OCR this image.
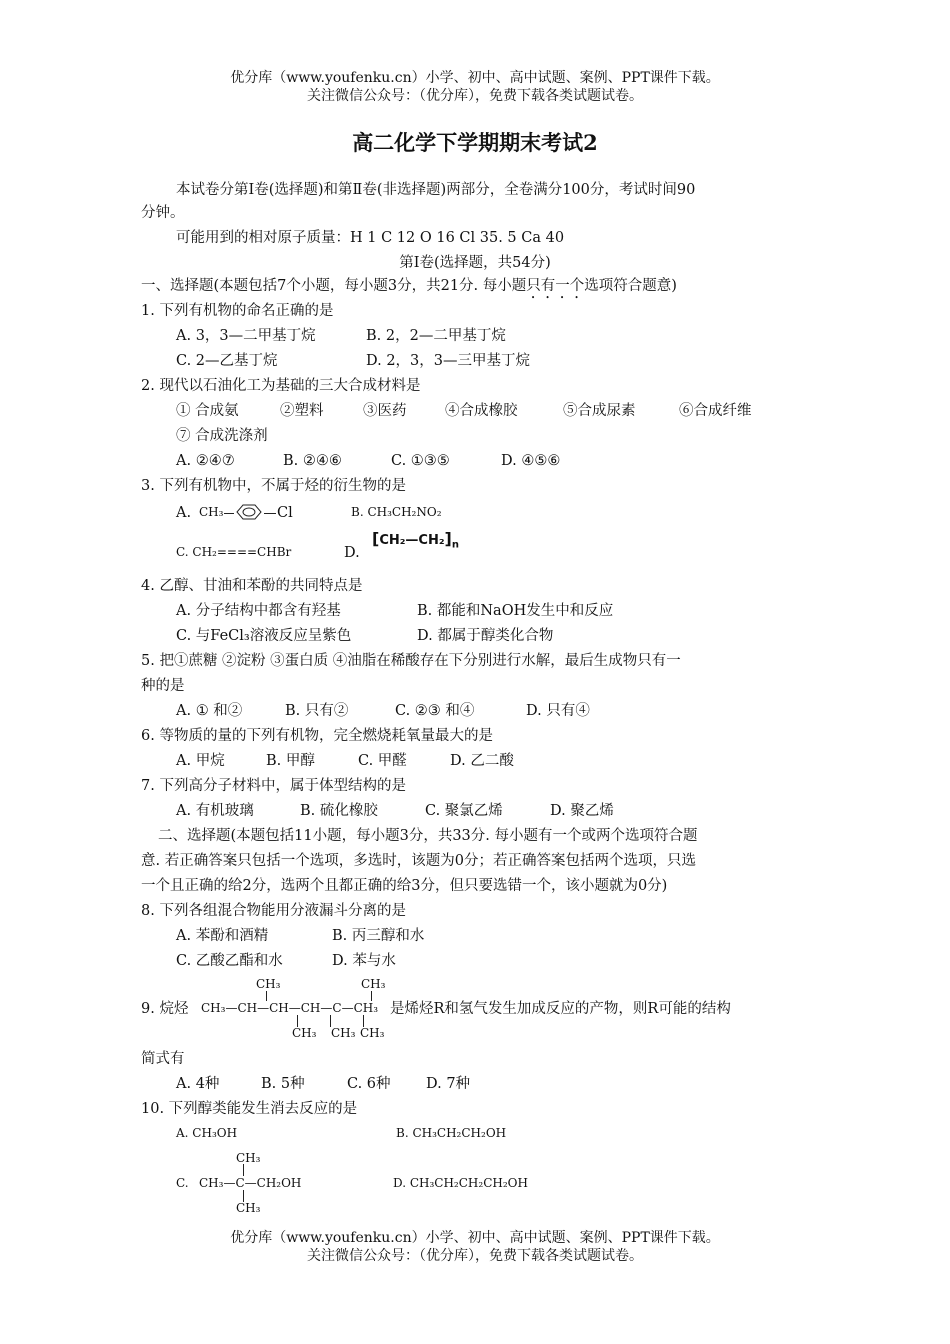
优分库（www.youfenku.cn）小学、初中、高中试题、案例、PPT课件下载。
关注微信公众号：（优分库），免费下载各类试题试卷。
高二化学下学期期末考试2
本试卷分第Ⅰ卷(选择题)和第Ⅱ卷(非选择题)两部分，全卷满分100分，考试时间90
分钟。
可能用到的相对原子质量：H 1 C 12 O 16 Cl 35. 5 Ca 40
第Ⅰ卷(选择题，共54分)
一、选择题(本题包括7个小题，每小题3分，共21分. 每小题只有一个选项符合题意)
1. 下列有机物的命名正确的是
A. 3，3—二甲基丁烷	B. 2，2—二甲基丁烷
C. 2—乙基丁烷	D. 2，3，3—三甲基丁烷
2. 现代以石油化工为基础的三大合成材料是
① 合成氨	②塑料	③医药	④合成橡胶	⑤合成尿素	⑥合成纤维
⑦ 合成洗涤剂
A. ②④⑦	B. ②④⑥	C. ①③⑤	D. ④⑤⑥
3. 下列有机物中，不属于烃的衍生物的是
A. CH₃	Cl	B. CH₃CH₂NO₂
C. CH₂====CHBr	D.
$[CH_2—CH_2]_n$
4. 乙醇、甘油和苯酚的共同特点是
A. 分子结构中都含有羟基	B. 都能和NaOH发生中和反应
C. 与FeCl₃溶液反应呈紫色	D. 都属于醇类化合物
5. 把①蔗糖 ②淀粉 ③蛋白质 ④油脂在稀酸存在下分别进行水解，最后生成物只有一
种的是
A. ① 和②	B. 只有②	C. ②③ 和④	D. 只有④
6. 等物质的量的下列有机物，完全燃烧耗氧量最大的是
A. 甲烷	B. 甲醇	C. 甲醛	D. 乙二酸
7. 下列高分子材料中，属于体型结构的是
A. 有机玻璃	B. 硫化橡胶	C. 聚氯乙烯	D. 聚乙烯
二、选择题(本题包括11小题，每小题3分，共33分. 每小题有一个或两个选项符合题
意. 若正确答案只包括一个选项，多选时，该题为0分；若正确答案包括两个选项，只选
一个且正确的给2分，选两个且都正确的给3分，但只要选错一个，该小题就为0分)
8. 下列各组混合物能用分液漏斗分离的是
A. 苯酚和酒精	B. 丙三醇和水
C. 乙酸乙酯和水	D. 苯与水
CH₃	CH₃
9. 烷烃 CH₃—CH—CH—CH—C—CH₃ 是烯烃R和氢气发生加成反应的产物，则R可能的结构
CH₃ CH₃ CH₃
简式有
A. 4种	B. 5种	C. 6种 D. 7种
10. 下列醇类能发生消去反应的是
A. CH₃OH	B. CH₃CH₂CH₂OH
CH₃
C. CH₃—C—CH₂OH
CH₃
D. CH₃CH₂CH₂CH₂OH
优分库（www.youfenku.cn）小学、初中、高中试题、案例、PPT课件下载。
关注微信公众号：（优分库），免费下载各类试题试卷。
